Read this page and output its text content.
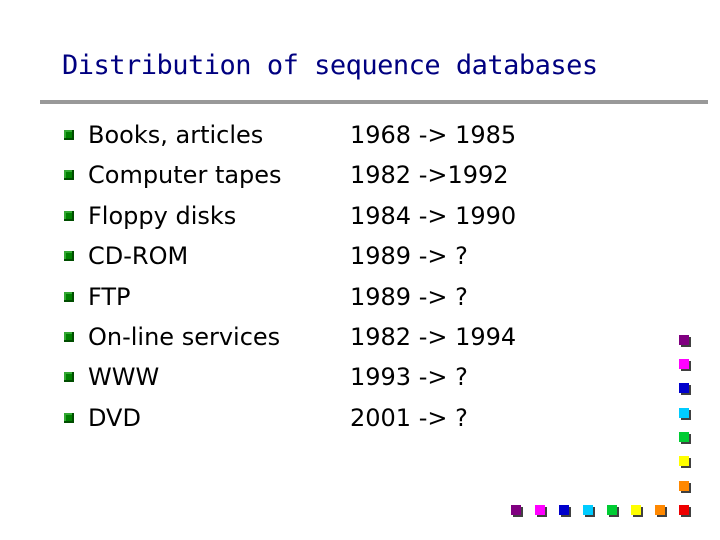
Distribution of sequence databases
Books, articles	1968 -> 1985
Computer tapes	1982 ->1992
Floppy disks	1984 -> 1990
CD-ROM	1989 -> ?
FTP	1989 -> ?
On-line services	1982 -> 1994
WWW	1993 -> ?
DVD	2001 -> ?
